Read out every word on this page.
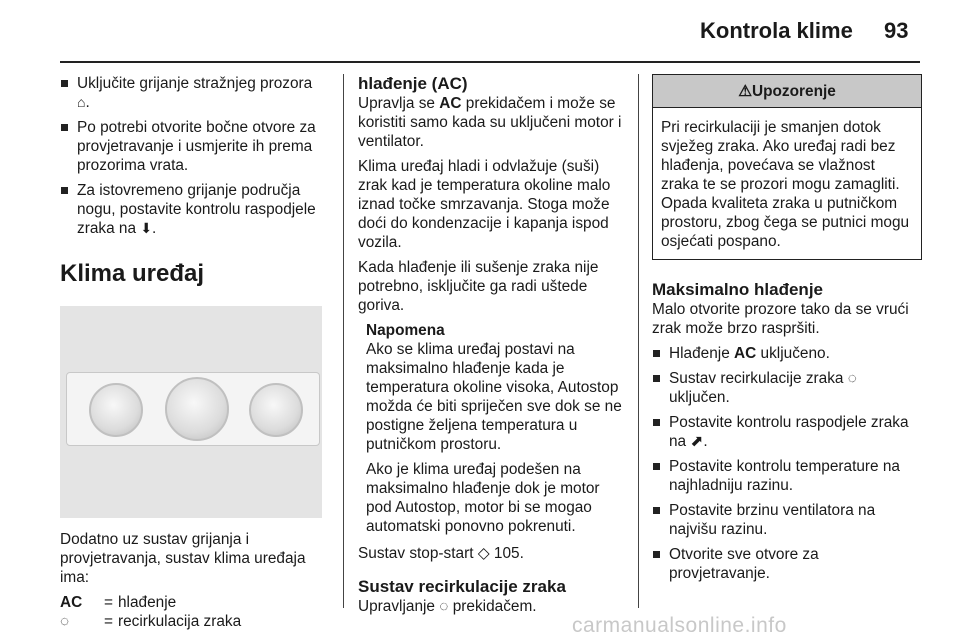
Kontrola klime 93
Uključite grijanje stražnjeg prozora
⌂.
Po potrebi otvorite bočne otvore za provjetravanje i usmjerite ih prema prozorima vrata.
Za istovremeno grijanje područja nogu, postavite kontrolu raspodjele zraka na ⬇.
Klima uređaj

Dodatno uz sustav grijanja i provjetravanja, sustav klima uređaja ima:

AC	= hlađenje
◌	= recirkulacija zraka
hlađenje (AC)

Upravlja se AC prekidačem i može se koristiti samo kada su uključeni motor i ventilator.

Klima uređaj hladi i odvlažuje (suši) zrak kad je temperatura okoline malo iznad točke smrzavanja. Stoga može doći do kondenzacije i kapanja ispod vozila.

Kada hlađenje ili sušenje zraka nije potrebno, isključite ga radi uštede goriva.

Napomena

Ako se klima uređaj postavi na maksimalno hlađenje kada je temperatura okoline visoka, Autostop možda će biti spriječen sve dok se ne postigne željena temperatura u putničkom prostoru.

Ako je klima uređaj podešen na maksimalno hlađenje dok je motor pod Autostop, motor bi se mogao automatski ponovno pokrenuti.

Sustav stop-start ◇ 105.

Sustav recirkulacije zraka

Upravljanje ◌ prekidačem.

⚠Upozorenje
Pri recirkulaciji je smanjen dotok svježeg zraka. Ako uređaj radi bez hlađenja, povećava se vlažnost zraka te se prozori mogu zamagliti. Opada kvaliteta zraka u putničkom prostoru, zbog čega se putnici mogu osjećati pospano.
Maksimalno hlađenje

Malo otvorite prozore tako da se vrući zrak može brzo raspršiti.

Hlađenje AC uključeno.
Sustav recirkulacije zraka ◌
uključen.
Postavite kontrolu raspodjele zraka na ⬈.
Postavite kontrolu temperature na najhladniju razinu.
Postavite brzinu ventilatora na najvišu razinu.
Otvorite sve otvore za provjetravanje.
carmanualsonline.info
